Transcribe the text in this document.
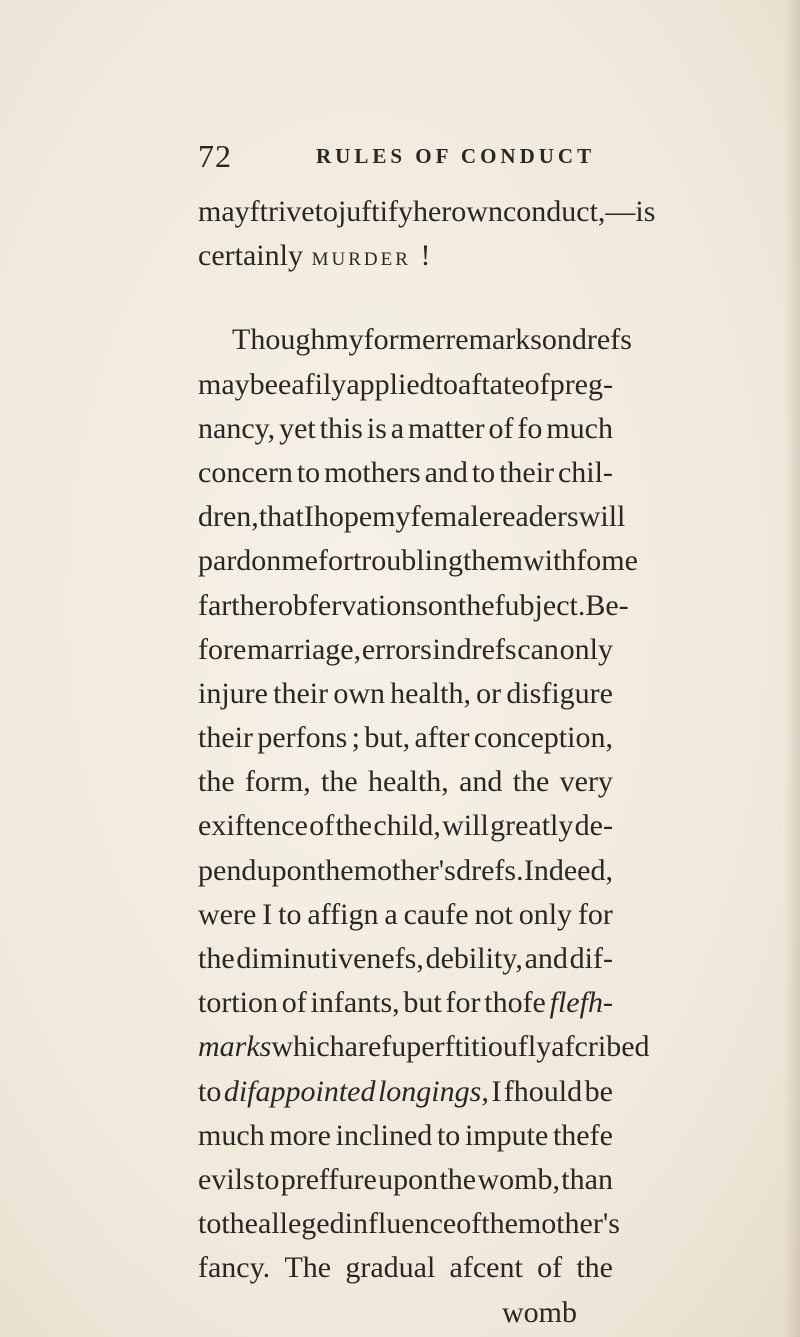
72	RULES OF CONDUCT
may ftrive to juftify her own conduct,—is
certainly murder !
Though my former remarks on drefs
may be eafily applied to a ftate of preg-
nancy, yet this is a matter of fo much
concern to mothers and to their chil-
dren, that I hope my female readers will
pardon me for troubling them with fome
farther obfervations on the fubject. Be-
fore marriage, errors in drefs can only
injure their own health, or disfigure
their perfons ; but, after conception,
the form, the health, and the very
exiftence of the child, will greatly de-
pend upon the mother's drefs. Indeed,
were I to affign a caufe not only for
the diminutivenefs, debility, and dif-
tortion of infants, but for thofe flefh-
marks which are fuperftitioufly afcribed
to difappointed longings, I fhould be
much more inclined to impute thefe
evils to preffure upon the womb, than
to the alleged influence of the mother's
fancy. The gradual afcent of the
womb
